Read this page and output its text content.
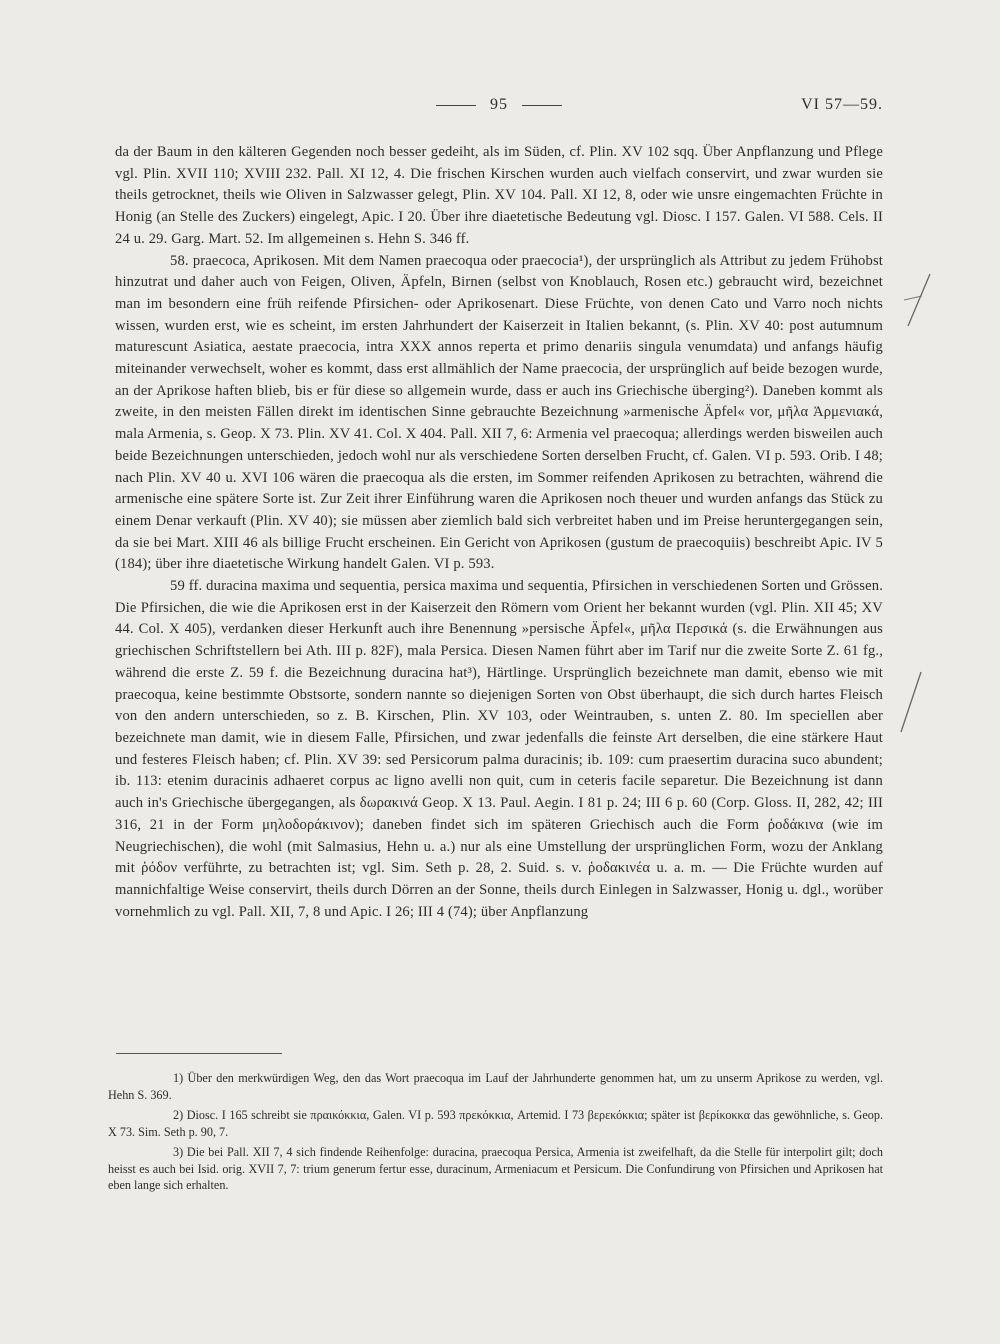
95	VI 57—59.

da der Baum in den kälteren Gegenden noch besser gedeiht, als im Süden, cf. Plin. XV 102 sqq. Über Anpflanzung und Pflege vgl. Plin. XVII 110; XVIII 232. Pall. XI 12, 4. Die frischen Kirschen wurden auch vielfach conservirt, und zwar wurden sie theils getrocknet, theils wie Oliven in Salzwasser gelegt, Plin. XV 104. Pall. XI 12, 8, oder wie unsre eingemachten Früchte in Honig (an Stelle des Zuckers) eingelegt, Apic. I 20. Über ihre diaetetische Bedeutung vgl. Diosc. I 157. Galen. VI 588. Cels. II 24 u. 29. Garg. Mart. 52. Im allgemeinen s. Hehn S. 346 ff.

58. praecoca, Aprikosen. Mit dem Namen praecoqua oder praecocia¹), der ursprünglich als Attribut zu jedem Frühobst hinzutrat und daher auch von Feigen, Oliven, Äpfeln, Birnen (selbst von Knoblauch, Rosen etc.) gebraucht wird, bezeichnet man im besondern eine früh reifende Pfirsichen- oder Aprikosenart. Diese Früchte, von denen Cato und Varro noch nichts wissen, wurden erst, wie es scheint, im ersten Jahrhundert der Kaiserzeit in Italien bekannt, (s. Plin. XV 40: post autumnum maturescunt Asiatica, aestate praecocia, intra XXX annos reperta et primo denariis singula venumdata) und anfangs häufig miteinander verwechselt, woher es kommt, dass erst allmählich der Name praecocia, der ursprünglich auf beide bezogen wurde, an der Aprikose haften blieb, bis er für diese so allgemein wurde, dass er auch ins Griechische überging²). Daneben kommt als zweite, in den meisten Fällen direkt im identischen Sinne gebrauchte Bezeichnung »armenische Äpfel« vor, μῆλα Ἀρμενιακά, mala Armenia, s. Geop. X 73. Plin. XV 41. Col. X 404. Pall. XII 7, 6: Armenia vel praecoqua; allerdings werden bisweilen auch beide Bezeichnungen unterschieden, jedoch wohl nur als verschiedene Sorten derselben Frucht, cf. Galen. VI p. 593. Orib. I 48; nach Plin. XV 40 u. XVI 106 wären die praecoqua als die ersten, im Sommer reifenden Aprikosen zu betrachten, während die armenische eine spätere Sorte ist. Zur Zeit ihrer Einführung waren die Aprikosen noch theuer und wurden anfangs das Stück zu einem Denar verkauft (Plin. XV 40); sie müssen aber ziemlich bald sich verbreitet haben und im Preise heruntergegangen sein, da sie bei Mart. XIII 46 als billige Frucht erscheinen. Ein Gericht von Aprikosen (gustum de praecoquiis) beschreibt Apic. IV 5 (184); über ihre diaetetische Wirkung handelt Galen. VI p. 593.

59 ff. duracina maxima und sequentia, persica maxima und sequentia, Pfirsichen in verschiedenen Sorten und Grössen. Die Pfirsichen, die wie die Aprikosen erst in der Kaiserzeit den Römern vom Orient her bekannt wurden (vgl. Plin. XII 45; XV 44. Col. X 405), verdanken dieser Herkunft auch ihre Benennung »persische Äpfel«, μῆλα Περσικά (s. die Erwähnungen aus griechischen Schriftstellern bei Ath. III p. 82F), mala Persica. Diesen Namen führt aber im Tarif nur die zweite Sorte Z. 61 fg., während die erste Z. 59 f. die Bezeichnung duracina hat³), Härtlinge. Ursprünglich bezeichnete man damit, ebenso wie mit praecoqua, keine bestimmte Obstsorte, sondern nannte so diejenigen Sorten von Obst überhaupt, die sich durch hartes Fleisch von den andern unterschieden, so z. B. Kirschen, Plin. XV 103, oder Weintrauben, s. unten Z. 80. Im speciellen aber bezeichnete man damit, wie in diesem Falle, Pfirsichen, und zwar jedenfalls die feinste Art derselben, die eine stärkere Haut und festeres Fleisch haben; cf. Plin. XV 39: sed Persicorum palma duracinis; ib. 109: cum praesertim duracina suco abundent; ib. 113: etenim duracinis adhaeret corpus ac ligno avelli non quit, cum in ceteris facile separetur. Die Bezeichnung ist dann auch in's Griechische übergegangen, als δωρακινά Geop. X 13. Paul. Aegin. I 81 p. 24; III 6 p. 60 (Corp. Gloss. II, 282, 42; III 316, 21 in der Form μηλοδοράκινον); daneben findet sich im späteren Griechisch auch die Form ῥοδάκινα (wie im Neugriechischen), die wohl (mit Salmasius, Hehn u. a.) nur als eine Umstellung der ursprünglichen Form, wozu der Anklang mit ῥόδον verführte, zu betrachten ist; vgl. Sim. Seth p. 28, 2. Suid. s. v. ῥοδακινέα u. a. m. — Die Früchte wurden auf mannichfaltige Weise conservirt, theils durch Dörren an der Sonne, theils durch Einlegen in Salzwasser, Honig u. dgl., worüber vornehmlich zu vgl. Pall. XII, 7, 8 und Apic. I 26; III 4 (74); über Anpflanzung

1) Über den merkwürdigen Weg, den das Wort praecoqua im Lauf der Jahrhunderte genommen hat, um zu unserm Aprikose zu werden, vgl. Hehn S. 369.

2) Diosc. I 165 schreibt sie πραικόκκια, Galen. VI p. 593 πρεκόκκια, Artemid. I 73 βερεκόκκια; später ist βερίκοκκα das gewöhnliche, s. Geop. X 73. Sim. Seth p. 90, 7.

3) Die bei Pall. XII 7, 4 sich findende Reihenfolge: duracina, praecoqua Persica, Armenia ist zweifelhaft, da die Stelle für interpolirt gilt; doch heisst es auch bei Isid. orig. XVII 7, 7: trium generum fertur esse, duracinum, Armeniacum et Persicum. Die Confundirung von Pfirsichen und Aprikosen hat eben lange sich erhalten.
